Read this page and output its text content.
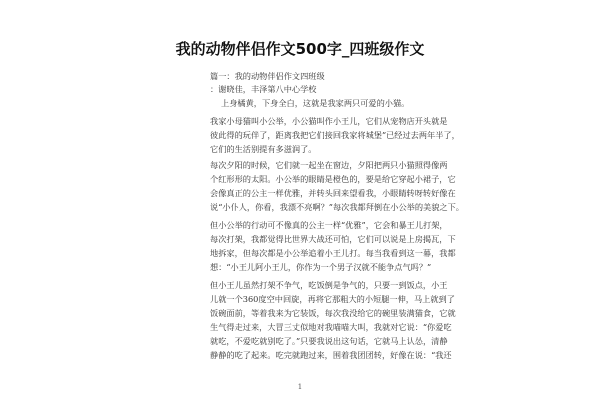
我的动物伴侣作文500字_四班级作文
篇一：我的动物伴侣作文四班级
：谢晓佳，丰泽第八中心学校
上身橘黄，下身全白，这就是我家两只可爱的小猫。
我家小母猫叫小公举，小公猫叫作小王儿，它们从宠物店开头就是
彼此得的玩伴了，距离我把它们接回我家将城堡”已经过去两年半了，
它们的生活别提有多滋润了。
每次夕阳的时候，它们就一起坐在窗边，夕阳把两只小猫照得像两
个红形形的太阳。小公举的眼睛是橙色的，要是给它穿起小裙子，它
会像真正的公主一样优雅，并转头回来望看我，小眼睛转呀转好像在
说“小仆人，你看，我漂不亮啊？”每次我都拜倒在小公举的美貌之下。
但小公举的行动可不像真的公主一样“优雅”，它会和暴王儿打架，
每次打架，我都觉得比世界大战还可怕，它们可以说是上房揭瓦，下
地拆家，但每次都是小公举追着小王儿打。每当我看到这一幕，我都
想：“小王儿阿小王儿，你作为一个男子汉就不能争点气吗？”
但小王儿虽然打架不争气，吃饭倒是争气的，只要一到饭点，小王
儿就一个360度空中回旋，再将它那粗大的小短腿一伸，马上就到了
饭碗面前，等着我来为它装饭，每次我没给它的碗里装满猫食，它就
生气得走过来，大冒三丈似地对我喵喵大叫，我就对它说：“你爱吃
就吃，不爱吃就别吃了。”只要我说出这句话，它就马上认怂，清静
静静的吃了起来。吃完就跑过来，围着我团团转，好像在说：“我还
1
